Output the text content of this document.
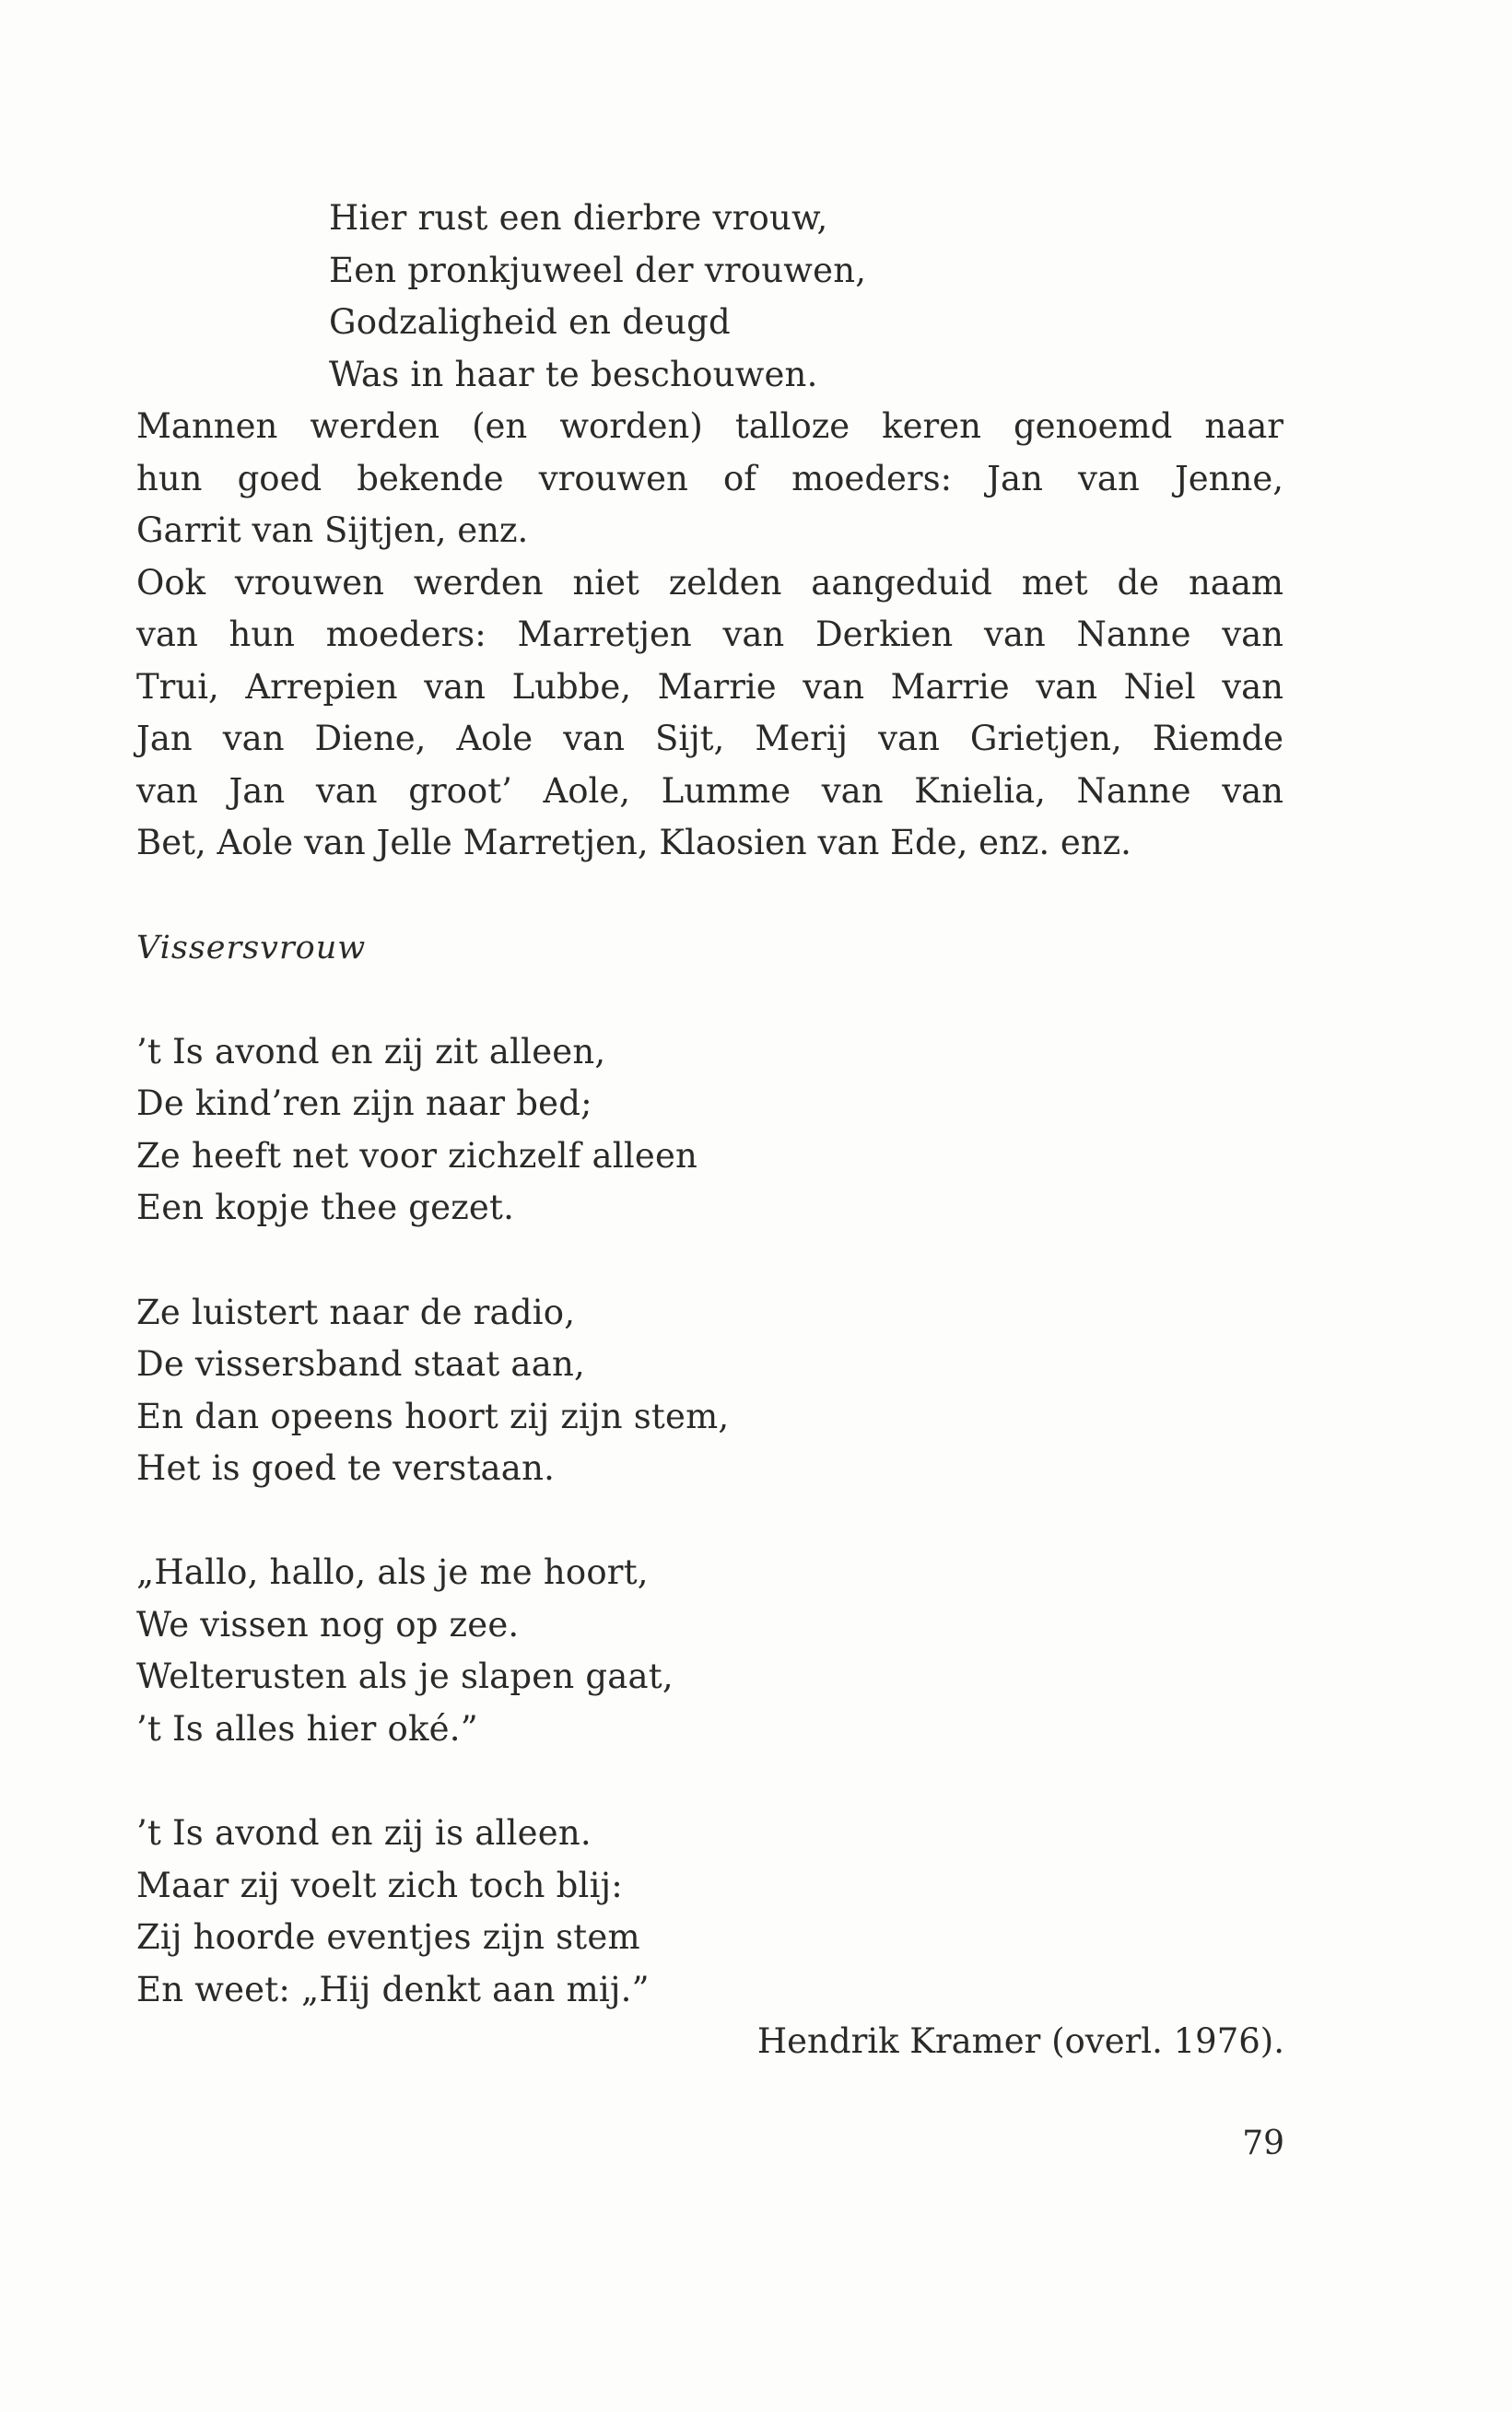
Hier rust een dierbre vrouw,
Een pronkjuweel der vrouwen,
Godzaligheid en deugd
Was in haar te beschouwen.
Mannen werden (en worden) talloze keren genoemd naar
hun goed bekende vrouwen of moeders: Jan van Jenne,
Garrit van Sijtjen, enz.
Ook vrouwen werden niet zelden aangeduid met de naam
van hun moeders: Marretjen van Derkien van Nanne van
Trui, Arrepien van Lubbe, Marrie van Marrie van Niel van
Jan van Diene, Aole van Sijt, Merij van Grietjen, Riemde
van Jan van groot’ Aole, Lumme van Knielia, Nanne van
Bet, Aole van Jelle Marretjen, Klaosien van Ede, enz. enz.
Vissersvrouw
’t Is avond en zij zit alleen,
De kind’ren zijn naar bed;
Ze heeft net voor zichzelf alleen
Een kopje thee gezet.
Ze luistert naar de radio,
De vissersband staat aan,
En dan opeens hoort zij zijn stem,
Het is goed te verstaan.
„Hallo, hallo, als je me hoort,
We vissen nog op zee.
Welterusten als je slapen gaat,
’t Is alles hier oké.”
’t Is avond en zij is alleen.
Maar zij voelt zich toch blij:
Zij hoorde eventjes zijn stem
En weet: „Hij denkt aan mij.”
Hendrik Kramer (overl. 1976).
79
